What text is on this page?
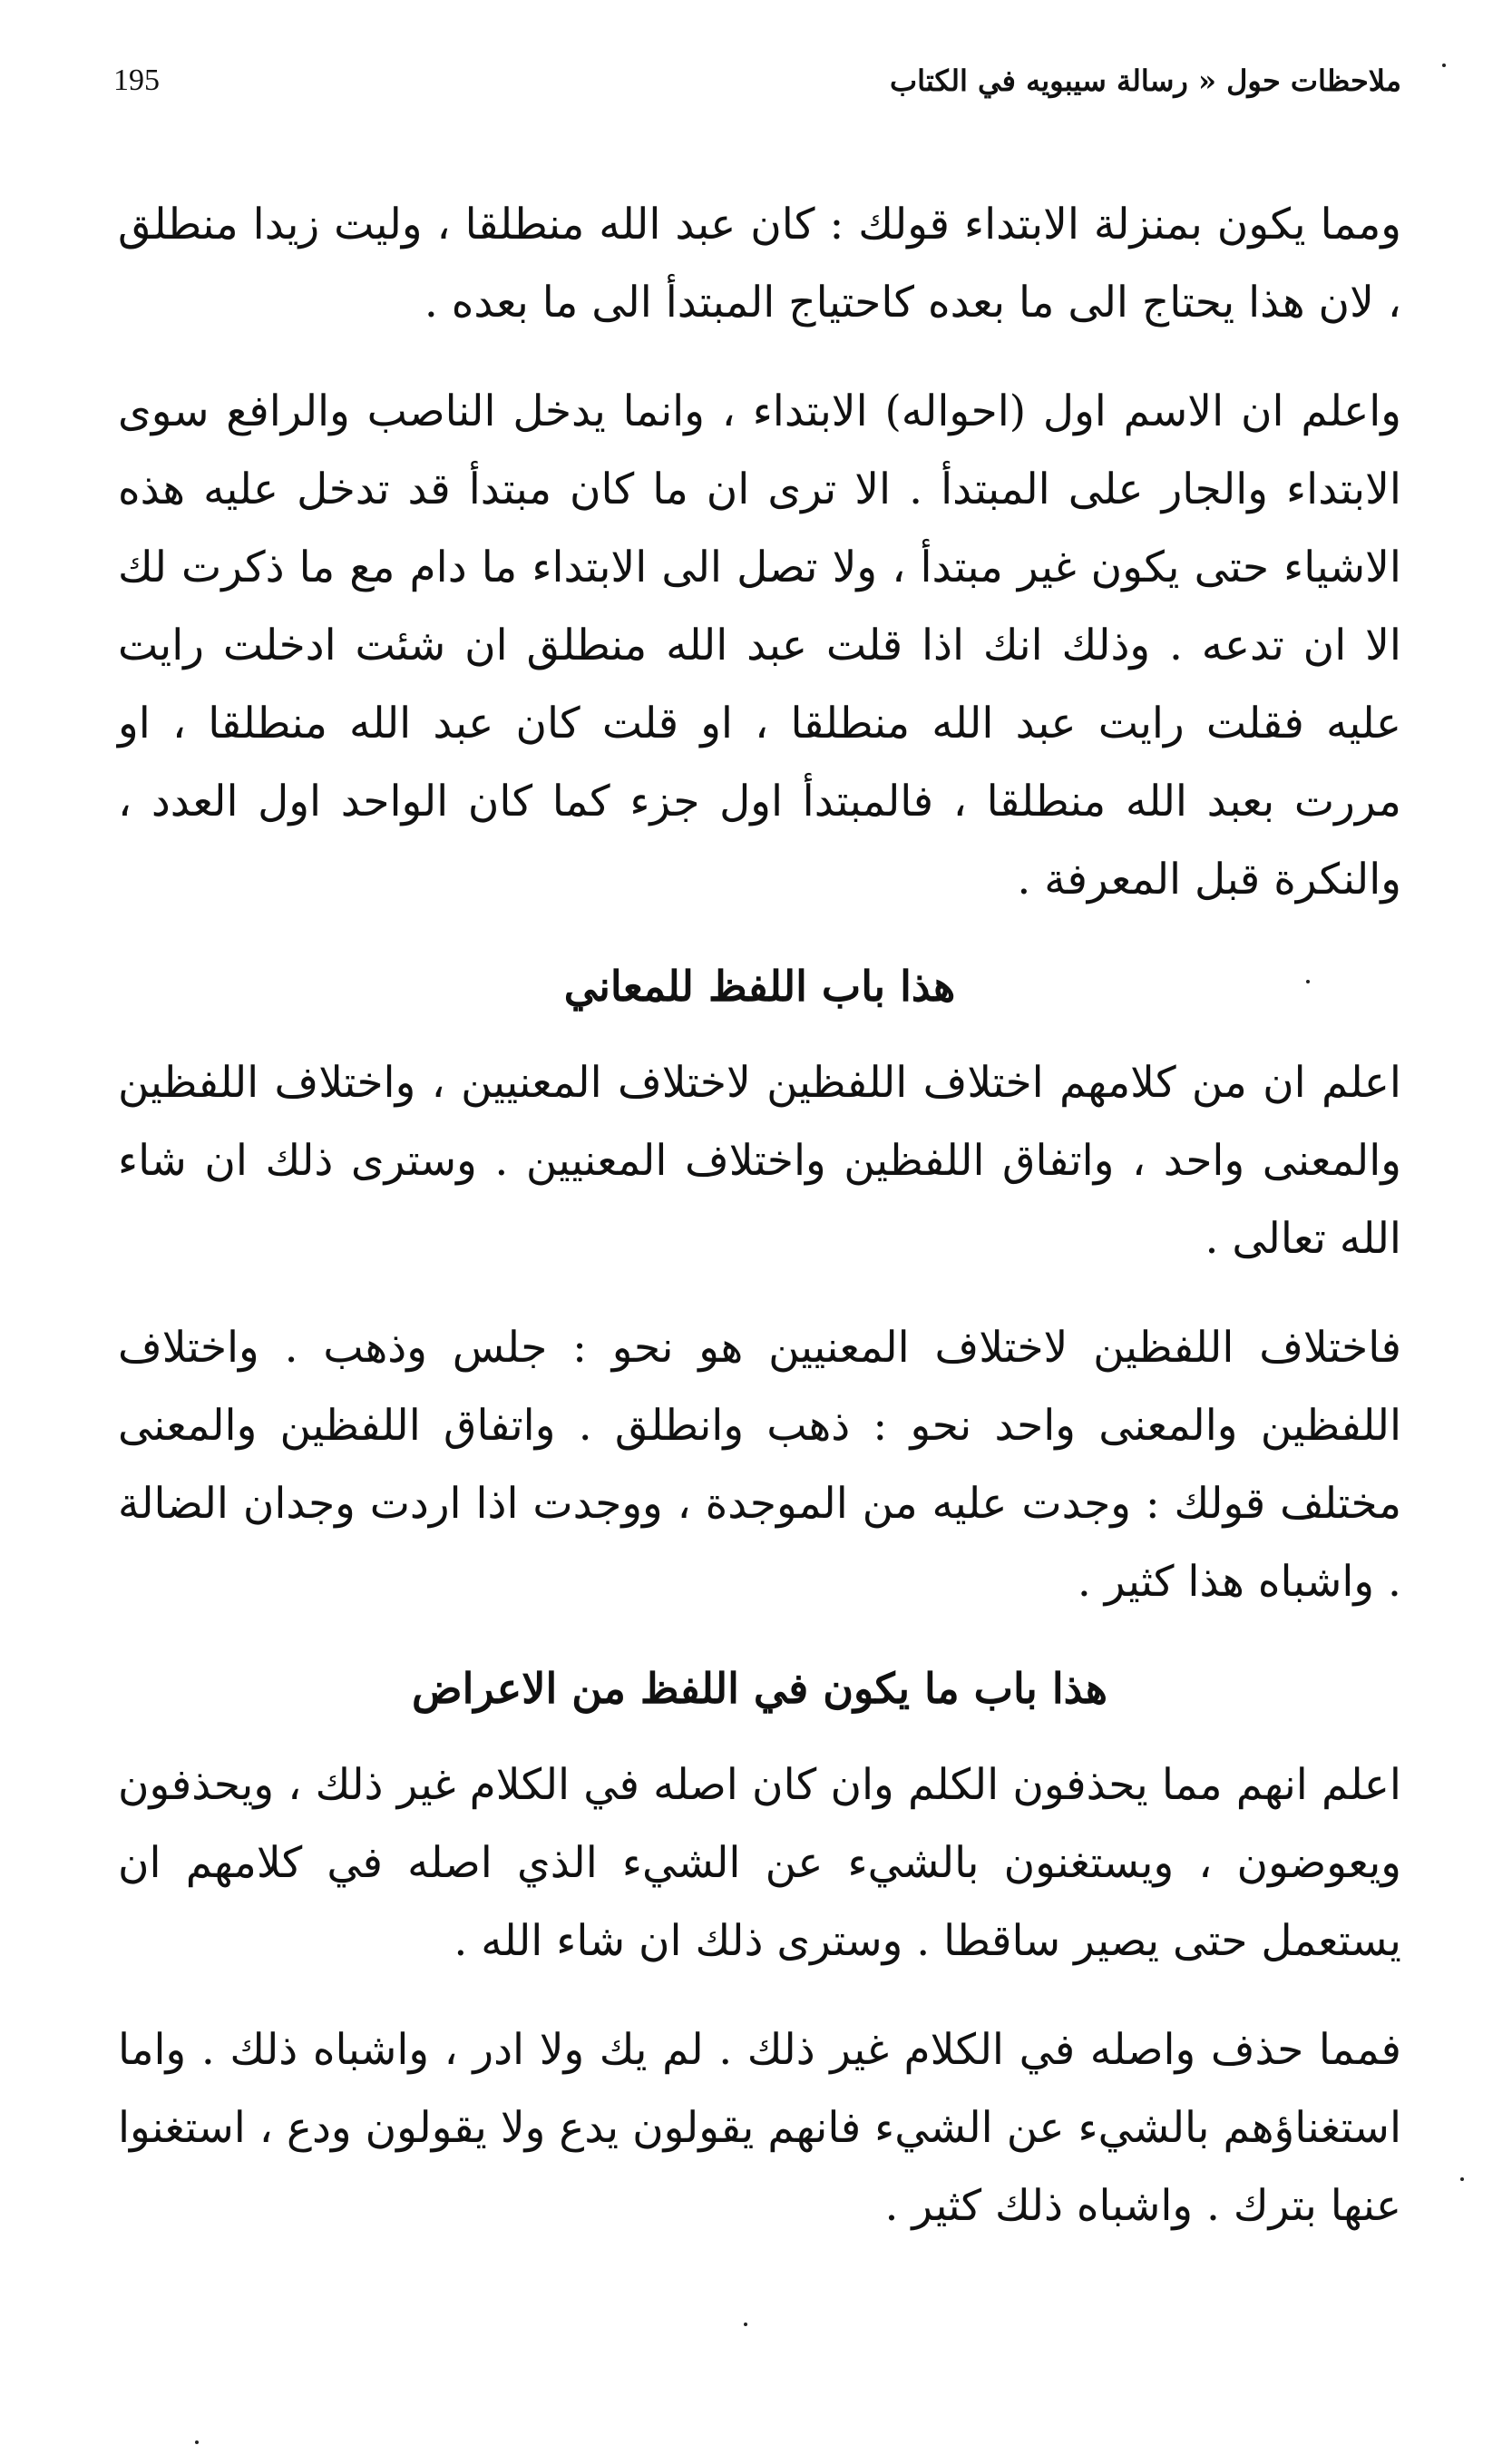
195	ملاحظات حول « رسالة سيبويه في الكتاب

ومما يكون بمنزلة الابتداء قولك : كان عبد الله منطلقا ، وليت زيدا منطلق ، لان هذا يحتاج الى ما بعده كاحتياج المبتدأ الى ما بعده .

واعلم ان الاسم اول (احواله) الابتداء ، وانما يدخل الناصب والرافع سوى الابتداء والجار على المبتدأ . الا ترى ان ما كان مبتدأ قد تدخل عليه هذه الاشياء حتى يكون غير مبتدأ ، ولا تصل الى الابتداء ما دام مع ما ذكرت لك الا ان تدعه . وذلك انك اذا قلت عبد الله منطلق ان شئت ادخلت رايت عليه فقلت رايت عبد الله منطلقا ، او قلت كان عبد الله منطلقا ، او مررت بعبد الله منطلقا ، فالمبتدأ اول جزء كما كان الواحد اول العدد ، والنكرة قبل المعرفة .

هذا باب اللفظ للمعاني

اعلم ان من كلامهم اختلاف اللفظين لاختلاف المعنيين ، واختلاف اللفظين والمعنى واحد ، واتفاق اللفظين واختلاف المعنيين . وسترى ذلك ان شاء الله تعالى .

فاختلاف اللفظين لاختلاف المعنيين هو نحو : جلس وذهب . واختلاف اللفظين والمعنى واحد نحو : ذهب وانطلق . واتفاق اللفظين والمعنى مختلف قولك : وجدت عليه من الموجدة ، ووجدت اذا اردت وجدان الضالة . واشباه هذا كثير .

هذا باب ما يكون في اللفظ من الاعراض

اعلم انهم مما يحذفون الكلم وان كان اصله في الكلام غير ذلك ، ويحذفون ويعوضون ، ويستغنون بالشيء عن الشيء الذي اصله في كلامهم ان يستعمل حتى يصير ساقطا . وسترى ذلك ان شاء الله .

فمما حذف واصله في الكلام غير ذلك . لم يك ولا ادر ، واشباه ذلك . واما استغناؤهم بالشيء عن الشيء فانهم يقولون يدع ولا يقولون ودع ، استغنوا عنها بترك . واشباه ذلك كثير .
